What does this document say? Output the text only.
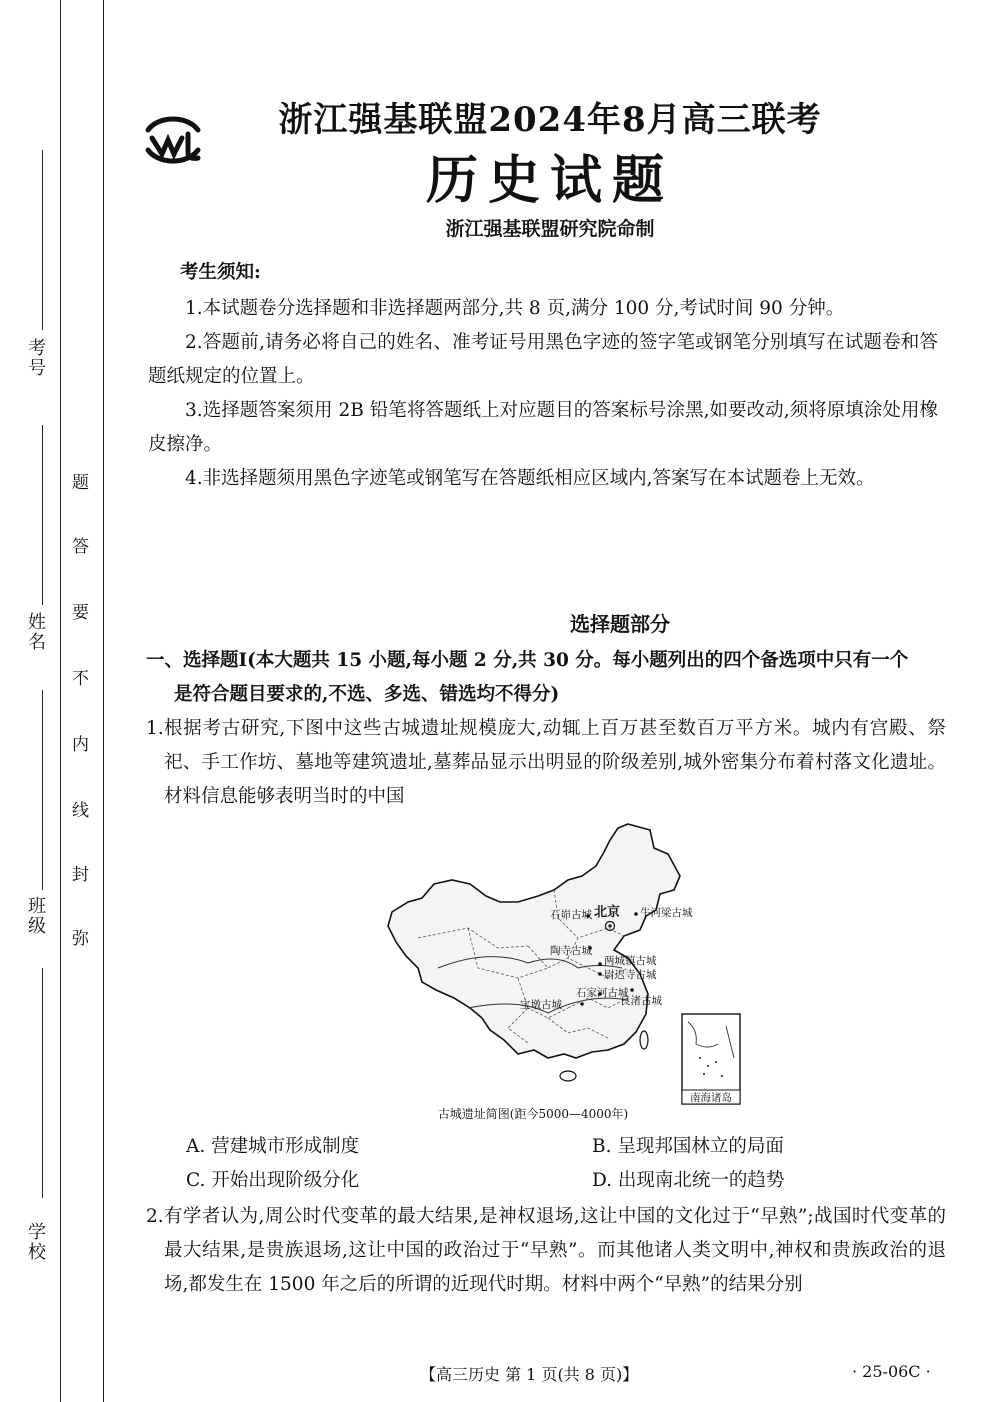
考号
姓名
班级
学校
题
答
要
不
内
线
封
弥
浙江强基联盟2024年8月高三联考
历史试题
浙江强基联盟研究院命制
考生须知:

1.本试题卷分选择题和非选择题两部分,共 8 页,满分 100 分,考试时间 90 分钟。

2.答题前,请务必将自己的姓名、准考证号用黑色字迹的签字笔或钢笔分别填写在试题卷和答题纸规定的位置上。

3.选择题答案须用 2B 铅笔将答题纸上对应题目的答案标号涂黑,如要改动,须将原填涂处用橡皮擦净。

4.非选择题须用黑色字迹笔或钢笔写在答题纸相应区域内,答案写在本试题卷上无效。

选择题部分
一、选择题Ⅰ(本大题共 15 小题,每小题 2 分,共 30 分。每小题列出的四个备选项中只有一个
是符合题目要求的,不选、多选、错选均不得分)
1. 根据考古研究,下图中这些古城遗址规模庞大,动辄上百万甚至数百万平方米。城内有宫殿、祭祀、手工作坊、墓地等建筑遗址,墓葬品显示出明显的阶级差别,城外密集分布着村落文化遗址。材料信息能够表明当时的中国
南海诸岛
北京
石峁古城	牛河梁古城
陶寺古城
两城镇古城
尉迟寺古城
宝墩古城
石家河古城
良渚古城
古城遗址简图(距今5000—4000年)
A. 营建城市形成制度	B. 呈现邦国林立的局面
C. 开始出现阶级分化	D. 出现南北统一的趋势
2. 有学者认为,周公时代变革的最大结果,是神权退场,这让中国的文化过于“早熟”;战国时代变革的最大结果,是贵族退场,这让中国的政治过于“早熟”。而其他诸人类文明中,神权和贵族政治的退场,都发生在 1500 年之后的所谓的近现代时期。材料中两个“早熟”的结果分别
【高三历史 第 1 页(共 8 页)】	· 25-06C ·
